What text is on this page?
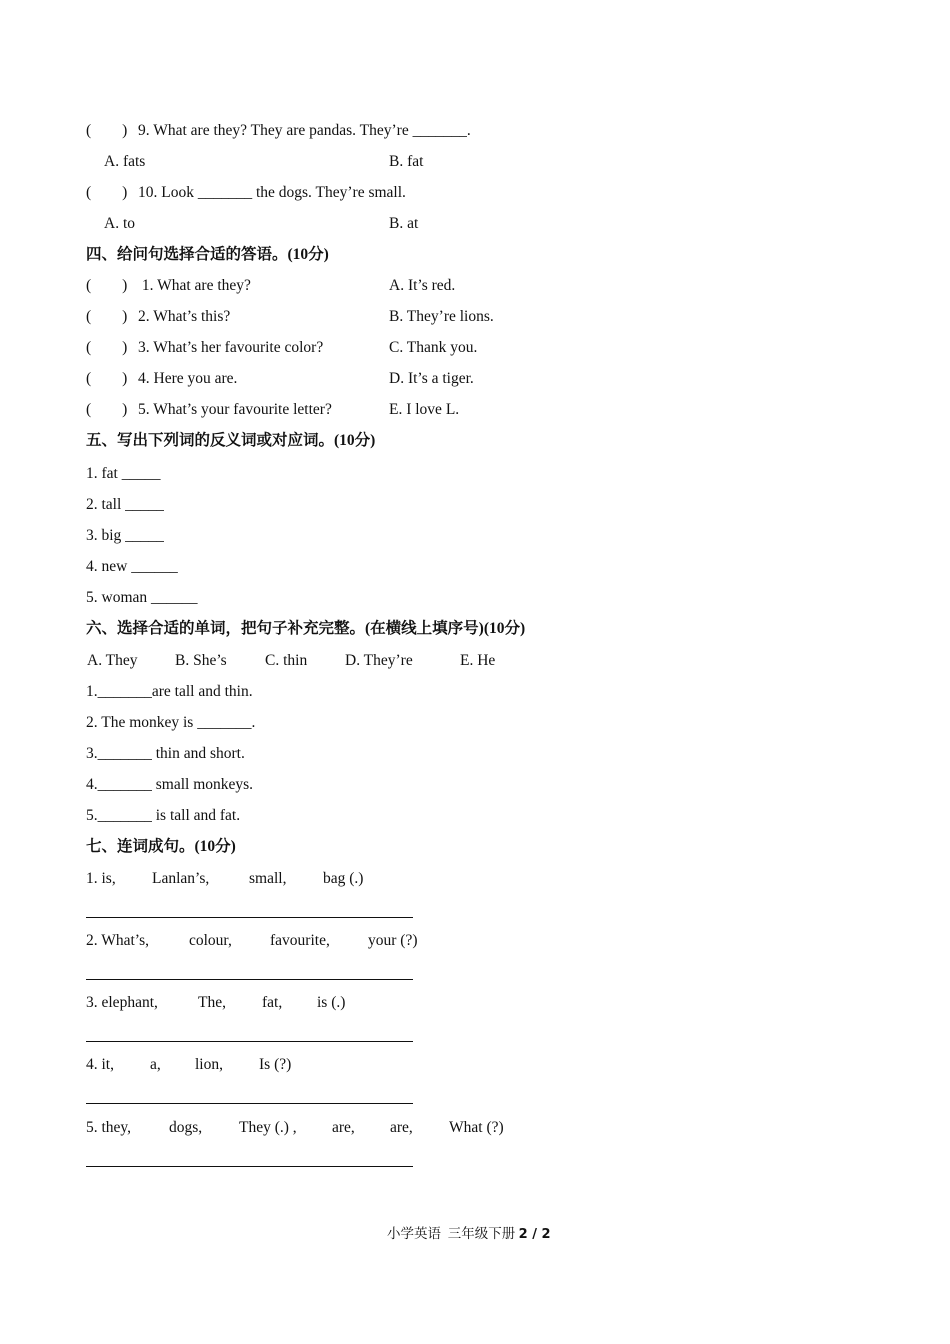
(        ) 9. What are they? They are pandas. They’re _______.
A. fats	B. fat
(        ) 10. Look _______ the dogs. They’re small.
A. to	B. at
四、给问句选择合适的答语。(10分)
(        ) 1. What are they?	A. It’s red.
(        ) 2. What’s this?	B. They’re lions.
(        ) 3. What’s her favourite color?	C. Thank you.
(        ) 4. Here you are.	D. It’s a tiger.
(        ) 5. What’s your favourite letter?	E. I love L.
五、写出下列词的反义词或对应词。(10分)
1. fat _____
2. tall _____
3. big _____
4. new ______
5. woman ______
六、选择合适的单词，把句子补充完整。(在横线上填序号)(10分)
A. They B. She’s C. thin D. They’re	E. He
1._______are tall and thin.
2. The monkey is _______.
3._______ thin and short.
4._______ small monkeys.
5._______ is tall and fat.
七、连词成句。(10分)
1. is, Lanlan’s,	small, bag (.)
2. What’s,	colour, favourite, your (?)
3. elephant,	The, fat, is (.)
4. it, a, lion, Is (?)
5. they, dogs, They (.) , are, are, What (?)
小学英语  三年级下册 2 / 2
